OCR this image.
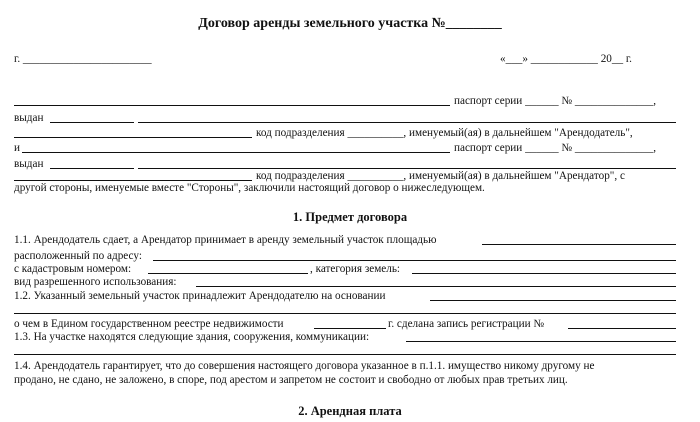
Договор аренды земельного участка №________
г. _______________________	«___» ____________ 20__ г.
паспорт серии ______ № ______________,
выдан
код подразделения __________, именуемый(ая) в дальнейшем "Арендодатель",
и	паспорт серии ______ № ______________,
выдан
код подразделения __________, именуемый(ая) в дальнейшем "Арендатор", с
другой стороны, именуемые вместе "Стороны", заключили настоящий договор о нижеследующем.
1. Предмет договора
1.1. Арендодатель сдает, а Арендатор принимает в аренду земельный участок площадью
расположенный по адресу:
с кадастровым номером:	, категория земель:
вид разрешенного использования:
1.2. Указанный земельный участок принадлежит Арендодателю на основании
о чем в Едином государственном реестре недвижимости	г. сделана запись регистрации №
1.3. На участке находятся следующие здания, сооружения, коммуникации:
1.4. Арендодатель гарантирует, что до совершения настоящего договора указанное в п.1.1. имущество никому другому не
продано, не сдано, не заложено, в споре, под арестом и запретом не состоит и свободно от любых прав третьих лиц.
2. Арендная плата
